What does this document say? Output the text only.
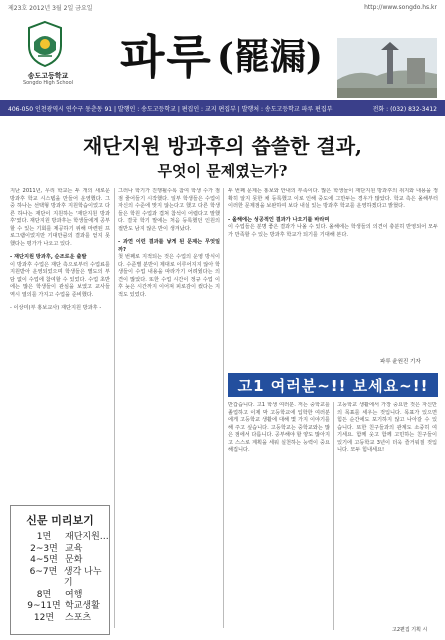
제23호 2012년 3월 2일 금요일	http://www.songdo.hs.kr
송도고등학교
Songdo High School	파루 (罷漏)
406-050 인천광역시 연수구 동춘동 91 | 발행인 : 송도고등학교 | 편집인 : 교지 편집부 | 발행처 : 송도고등학교 파루 편집부	전화 : (032) 832-3412
재단지원 방과후의 씁쓸한 결과,
무엇이 문제였는가?

지난 2011년, 우리 학교는 두 개의 새로운 방과후 학교 시스템을 만들어 운영했다. 그 중 하나는 선택형 방과후 지원학습이었고 다른 하나는 재단이 지원하는 '재단지원 방과후'였다. 재단지원 방과후는 학생들에게 공부할 수 있는 기회를 제공하기 위해 마련된 프로그램이었지만 기대만큼의 결과를 얻지 못했다는 평가가 나오고 있다.

- 재단지원 방과후, 순조로운 출발

이 방과후 수업은 재단 측으로부터 수업료를 지원받아 운영되었으며 학생들은 별도의 부담 없이 수업에 참여할 수 있었다. 수업 초반에는 많은 학생들이 관심을 보였고 교사들 역시 열의를 가지고 수업을 준비했다.

- 이상미(부 홍보교사) 재단지원 방과후 -

그러나 학기가 진행될수록 참여 학생 수가 점점 줄어들기 시작했다. 일부 학생들은 수업이 자신의 수준에 맞지 않는다고 했고 다른 학생들은 학원 수업과 겹쳐 참석이 어렵다고 말했다. 결국 학기 말에는 처음 등록했던 인원의 절반도 남지 않은 반이 생겨났다.

- 과연 이런 결과를 낳게 된 문제는 무엇일까?

첫 번째로 지적되는 것은 수업의 운영 방식이다. 수준별 분반이 제대로 이루어지지 않아 학생들이 수업 내용을 따라가기 어려웠다는 의견이 많았다. 또한 수업 시간이 정규 수업 이후 늦은 시간까지 이어져 피로감이 컸다는 지적도 있었다.

두 번째 문제는 홍보와 안내의 부족이다. 많은 학생들이 재단지원 방과후의 취지와 내용을 정확히 알지 못한 채 등록했고 이로 인해 중도에 그만두는 경우가 많았다. 학교 측은 올해부터 이러한 문제점을 보완하여 보다 내실 있는 방과후 학교를 운영하겠다고 밝혔다.

- 올해에는 성공적인 결과가 나오기를 바라며

이 수업들은 분명 좋은 결과가 나올 수 있다. 올해에는 학생들의 의견이 충분히 반영되어 모두가 만족할 수 있는 방과후 학교가 되기를 기대해 본다.

파루 윤원진 기자
신문 미리보기
1면	재단지원…
2~3면 교육
4~5면 문화
6~7면 생각 나누기
8면	여행
9~11면 학교생활
12면	스포츠
고1 여러분~!! 보세요~!!

반갑습니다. 고1 학생 여러분. 저는 중학교를 졸업하고 이제 막 고등학교에 입학한 여러분에게 고등학교 생활에 대해 몇 가지 이야기를 해 주고 싶습니다. 고등학교는 중학교와는 많은 점에서 다릅니다. 공부해야 할 양도 많아지고 스스로 계획을 세워 실천하는 능력이 중요해집니다.

고등학교 생활에서 가장 중요한 것은 자신만의 목표를 세우는 것입니다. 목표가 있으면 힘든 순간에도 포기하지 않고 나아갈 수 있습니다. 또한 친구들과의 관계도 소중히 여기세요. 함께 웃고 함께 고민하는 친구들이 있기에 고등학교 3년이 더욱 즐거워질 것입니다. 모두 힘내세요!

고2편집 기획 시
